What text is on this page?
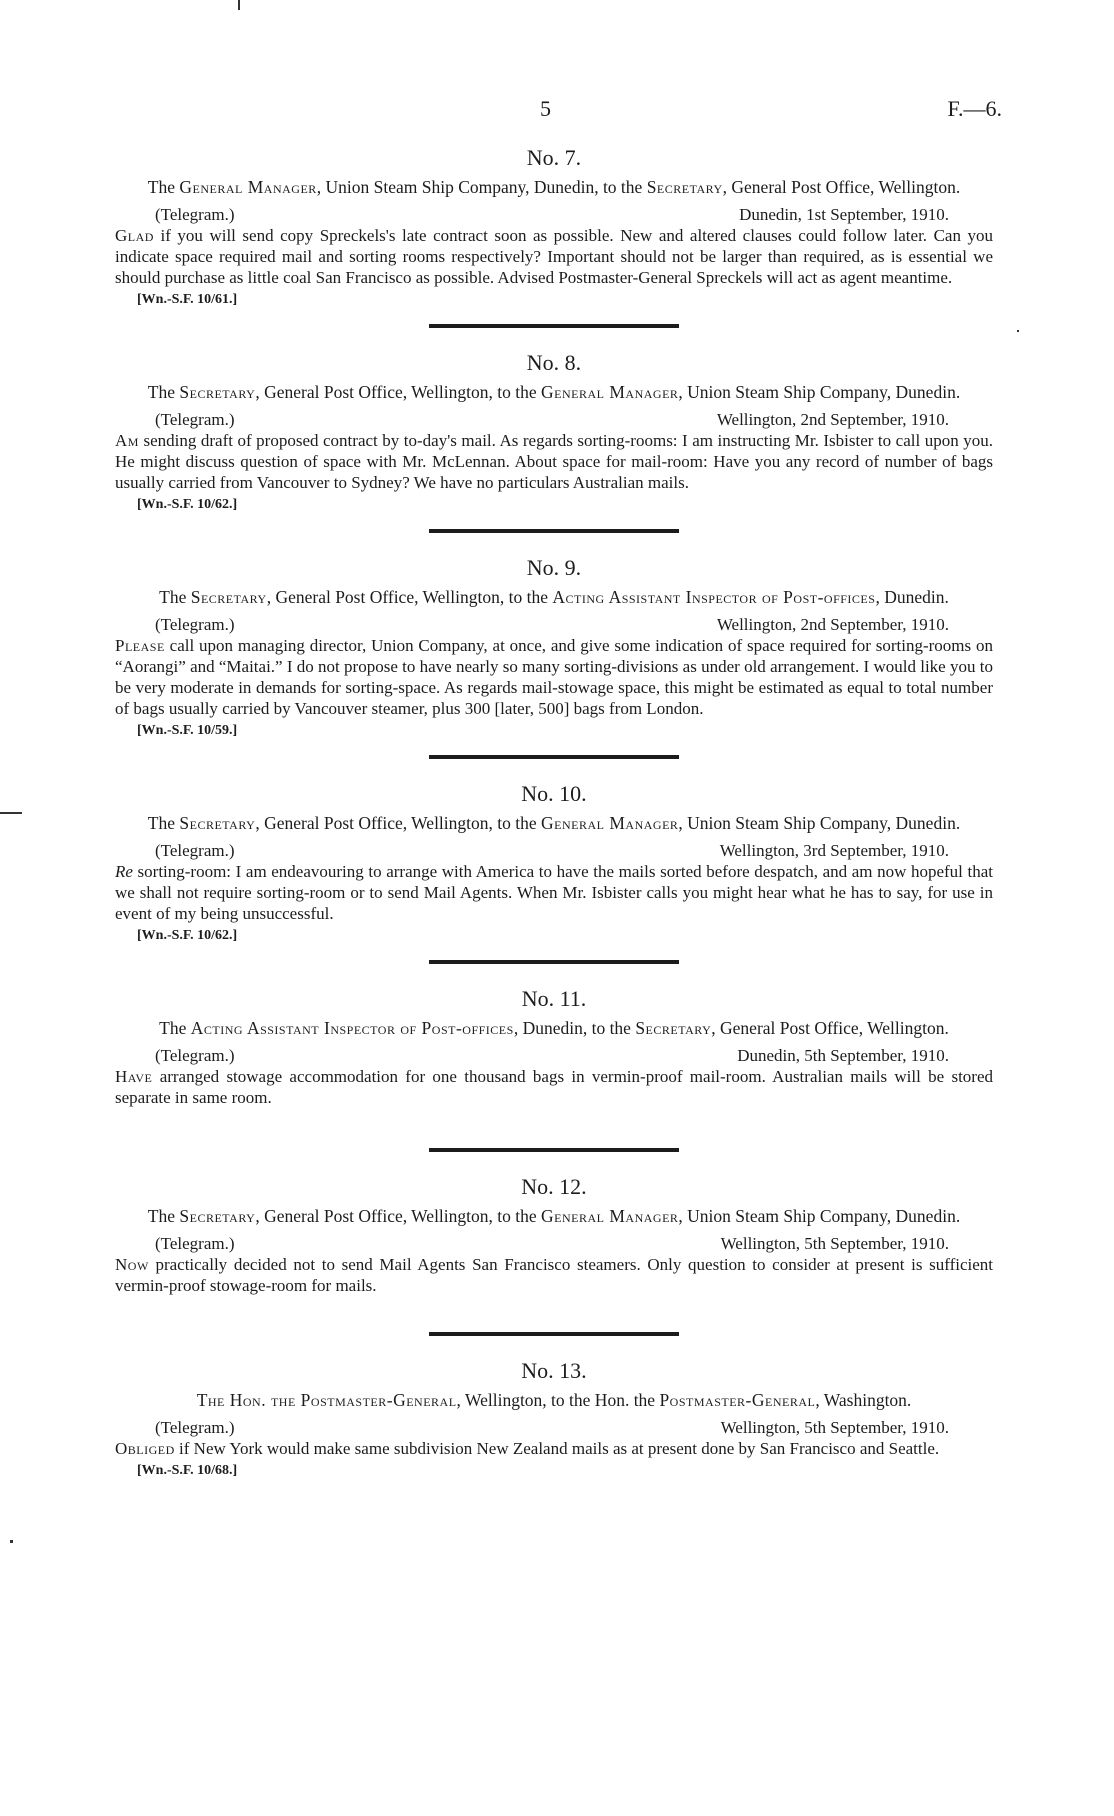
5	F.—6.
No. 7.

The General Manager, Union Steam Ship Company, Dunedin, to the Secretary, General Post Office, Wellington.

(Telegram.)	Dunedin, 1st September, 1910.

Glad if you will send copy Spreckels's late contract soon as possible. New and altered clauses could follow later. Can you indicate space required mail and sorting rooms respectively? Important should not be larger than required, as is essential we should purchase as little coal San Francisco as possible. Advised Postmaster-General Spreckels will act as agent meantime.

[Wn.-S.F. 10/61.]
No. 8.

The Secretary, General Post Office, Wellington, to the General Manager, Union Steam Ship Company, Dunedin.

(Telegram.)	Wellington, 2nd September, 1910.

Am sending draft of proposed contract by to-day's mail. As regards sorting-rooms: I am instructing Mr. Isbister to call upon you. He might discuss question of space with Mr. McLennan. About space for mail-room: Have you any record of number of bags usually carried from Vancouver to Sydney? We have no particulars Australian mails.

[Wn.-S.F. 10/62.]
No. 9.

The Secretary, General Post Office, Wellington, to the Acting Assistant Inspector of Post-offices, Dunedin.

(Telegram.)	Wellington, 2nd September, 1910.

Please call upon managing director, Union Company, at once, and give some indication of space required for sorting-rooms on “Aorangi” and “Maitai.” I do not propose to have nearly so many sorting-divisions as under old arrangement. I would like you to be very moderate in demands for sorting-space. As regards mail-stowage space, this might be estimated as equal to total number of bags usually carried by Vancouver steamer, plus 300 [later, 500] bags from London.

[Wn.-S.F. 10/59.]
No. 10.

The Secretary, General Post Office, Wellington, to the General Manager, Union Steam Ship Company, Dunedin.

(Telegram.)	Wellington, 3rd September, 1910.

Re sorting-room: I am endeavouring to arrange with America to have the mails sorted before despatch, and am now hopeful that we shall not require sorting-room or to send Mail Agents. When Mr. Isbister calls you might hear what he has to say, for use in event of my being unsuccessful.

[Wn.-S.F. 10/62.]
No. 11.

The Acting Assistant Inspector of Post-offices, Dunedin, to the Secretary, General Post Office, Wellington.

(Telegram.)	Dunedin, 5th September, 1910.

Have arranged stowage accommodation for one thousand bags in vermin-proof mail-room. Australian mails will be stored separate in same room.

No. 12.

The Secretary, General Post Office, Wellington, to the General Manager, Union Steam Ship Company, Dunedin.

(Telegram.)	Wellington, 5th September, 1910.

Now practically decided not to send Mail Agents San Francisco steamers. Only question to consider at present is sufficient vermin-proof stowage-room for mails.

No. 13.

The Hon. the Postmaster-General, Wellington, to the Hon. the Postmaster-General, Washington.

(Telegram.)	Wellington, 5th September, 1910.

Obliged if New York would make same subdivision New Zealand mails as at present done by San Francisco and Seattle.

[Wn.-S.F. 10/68.]
